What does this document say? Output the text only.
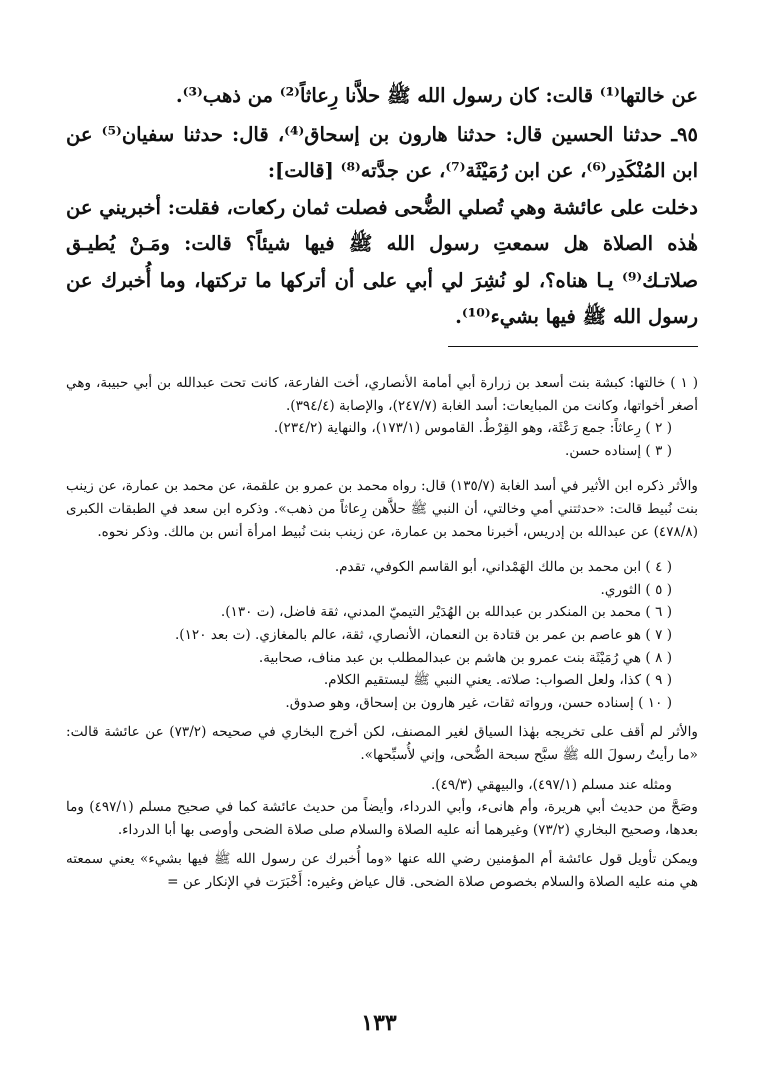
عن خالتها⁽¹⁾ قالت: كان رسول الله ﷺ حلاَّنا رِعاثاً⁽²⁾ من ذهب⁽³⁾.

٩٥ـ حدثنا الحسين قال: حدثنا هارون بن إسحاق⁽⁴⁾، قال: حدثنا سفيان⁽⁵⁾ عن ابن المُنْكَدِر⁽⁶⁾، عن ابن رُمَيْثَة⁽⁷⁾، عن جدَّته⁽⁸⁾ [قالت]:

دخلت على عائشة وهي تُصلي الضُّحى فصلت ثمان ركعات، فقلت: أخبريني عن هٰذه الصلاة هل سمعتِ رسول الله ﷺ فيها شيئاً؟ قالت: ومَـنْ يُطيـق صلاتـك⁽⁹⁾ يـا هناه؟، لو نُشِرَ لي أبي على أن أتركها ما تركتها، وما أُخبرك عن رسول الله ﷺ فيها بشيء⁽¹⁰⁾.

( ١ ) خالتها: كبشة بنت أسعد بن زرارة أبي أمامة الأنصاري، أخت الفارعة، كانت تحت عبدالله بن أبي حبيبة، وهي أصغر أخواتها، وكانت من المبايعات: أسد الغابة (٢٤٧/٧)، والإصابة (٣٩٤/٤).

( ٢ ) رِعاثاً: جمع رَعْثَة، وهو القِرْطُ. القاموس (١٧٣/١)، والنهاية (٢٣٤/٢).

( ٣ ) إسناده حسن.

والأثر ذكره ابن الأثير في أسد الغابة (١٣٥/٧) قال: رواه محمد بن عمرو بن علقمة، عن محمد بن عمارة، عن زينب بنت نُبيط قالت: «حدثتني أمي وخالتي، أن النبي ﷺ حلاَّهن رِعاثاً من ذهب». وذكره ابن سعد في الطبقات الكبرى (٤٧٨/٨) عن عبدالله بن إدريس، أخبرنا محمد بن عمارة، عن زينب بنت نُبيط امرأة أنس بن مالك. وذكر نحوه.

( ٤ ) ابن محمد بن مالك الهَمْداني، أبو القاسم الكوفي، تقدم.

( ٥ ) الثوري.

( ٦ ) محمد بن المنكدر بن عبدالله بن الهُدَيْر التيميّ المدني، ثقة فاضل، (ت ١٣٠).

( ٧ ) هو عاصم بن عمر بن قتادة بن النعمان، الأنصاري، ثقة، عالم بالمغازي. (ت بعد ١٢٠).

( ٨ ) هي رُمَيْثَة بنت عمرو بن هاشم بن عبدالمطلب بن عبد مناف، صحابية.

( ٩ ) كذا، ولعل الصواب: صلاته. يعني النبي ﷺ ليستقيم الكلام.

( ١٠ ) إسناده حسن، ورواته ثقات، غير هارون بن إسحاق، وهو صدوق.

والأثر لم أقف على تخريجه بهٰذا السياق لغير المصنف، لكن أخرج البخاري في صحيحه (٧٣/٢) عن عائشة قالت: «ما رأيتُ رسولَ الله ﷺ سبَّح سبحة الضُّحى، وإني لأُسبِّحها».

ومثله عند مسلم (٤٩٧/١)، والبيهقي (٤٩/٣).

وصَحَّ من حديث أبي هريرة، وأم هانىء، وأبي الدرداء، وأيضاً من حديث عائشة كما في صحيح مسلم (٤٩٧/١) وما بعدها، وصحيح البخاري (٧٣/٢) وغيرهما أنه عليه الصلاة والسلام صلى صلاة الضحى وأوصى بها أبا الدرداء.

ويمكن تأويل قول عائشة أم المؤمنين رضي الله عنها «وما أُخبرك عن رسول الله ﷺ فيها بشيء» يعني سمعته هي منه عليه الصلاة والسلام بخصوص صلاة الضحى. قال عياض وغيره: أَخْبَرَت في الإنكار عن =

١٣٣
